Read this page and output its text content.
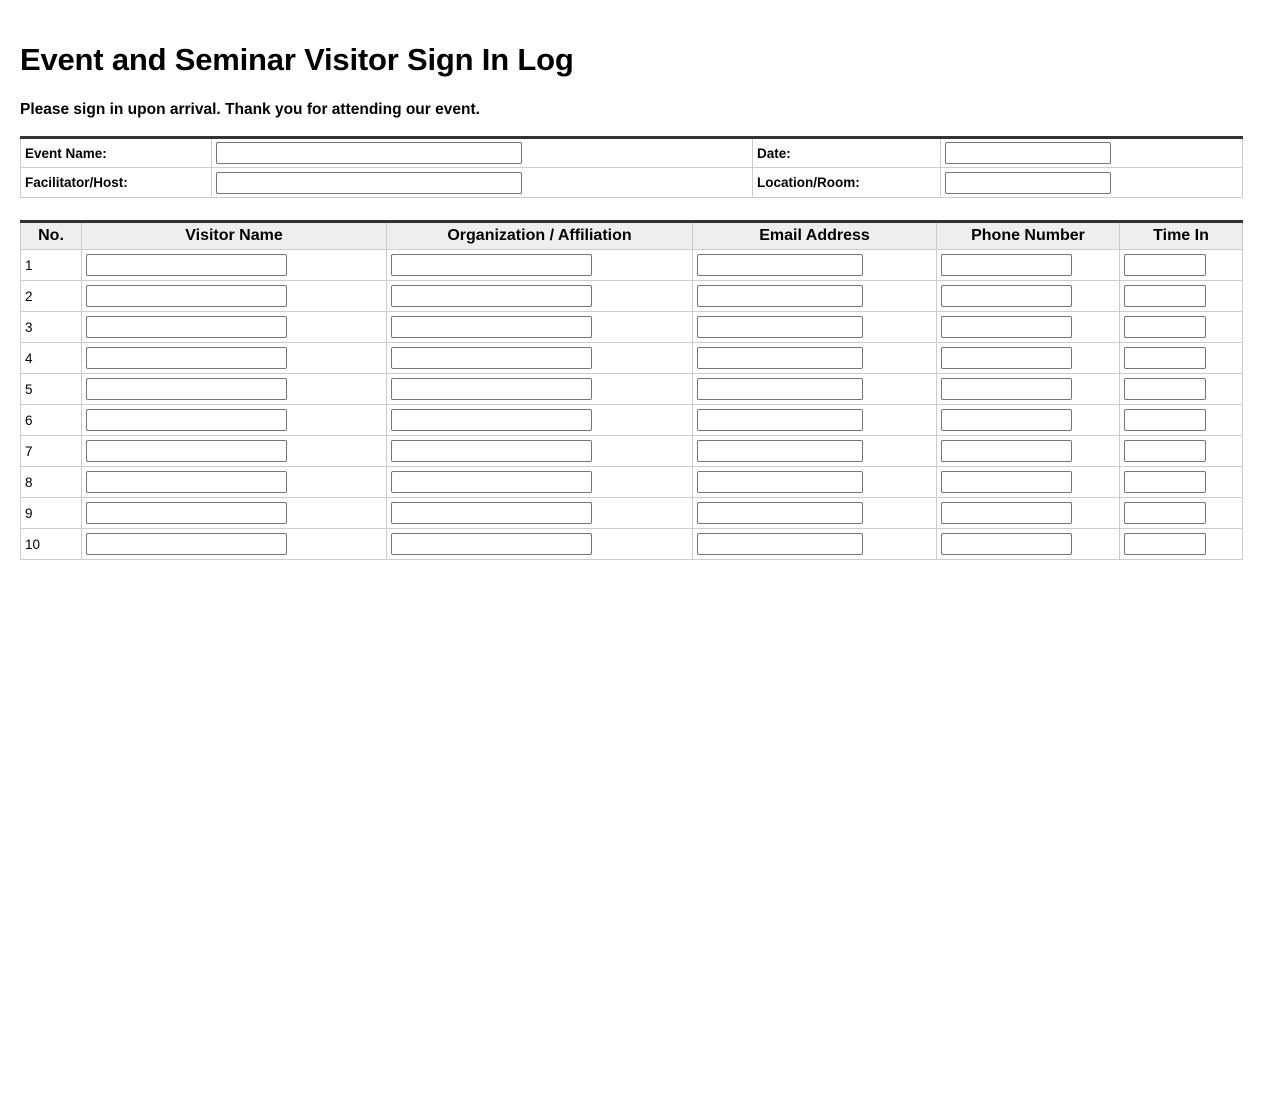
Event and Seminar Visitor Sign In Log
Please sign in upon arrival. Thank you for attending our event.
Event Name:		Date:	

Facilitator/Host:		Location/Room:	
No.	Visitor Name	Organization / Affiliation	Email Address	Phone Number	Time In
1	

2	

3	

4	

5	

6	

7	

8	

9	

10	
